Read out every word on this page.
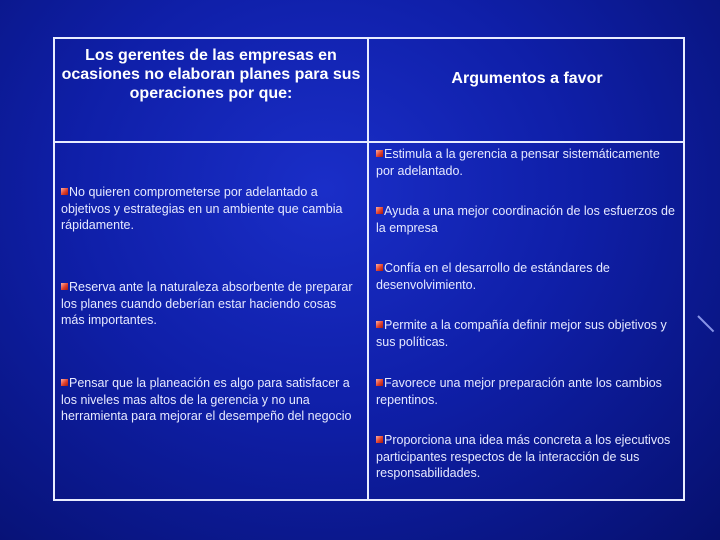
Los gerentes de las empresas en ocasiones no elaboran planes para sus operaciones por que:
Argumentos a favor
No quieren comprometerse por adelantado a objetivos y estrategias en un ambiente que cambia rápidamente.
Reserva ante la naturaleza absorbente de preparar los planes cuando deberían estar haciendo cosas más importantes.
Pensar que la planeación es algo para satisfacer a los niveles mas altos de la gerencia y no una herramienta para mejorar el desempeño del negocio
Estimula a la gerencia a pensar sistemáticamente por adelantado.
Ayuda a una mejor coordinación de los esfuerzos de la empresa
Confía en el desarrollo de estándares de desenvolvimiento.
Permite a la compañía definir mejor sus objetivos y sus políticas.
Favorece una mejor preparación ante los cambios repentinos.
Proporciona una idea más concreta a los ejecutivos participantes respectos de la interacción de sus responsabilidades.
